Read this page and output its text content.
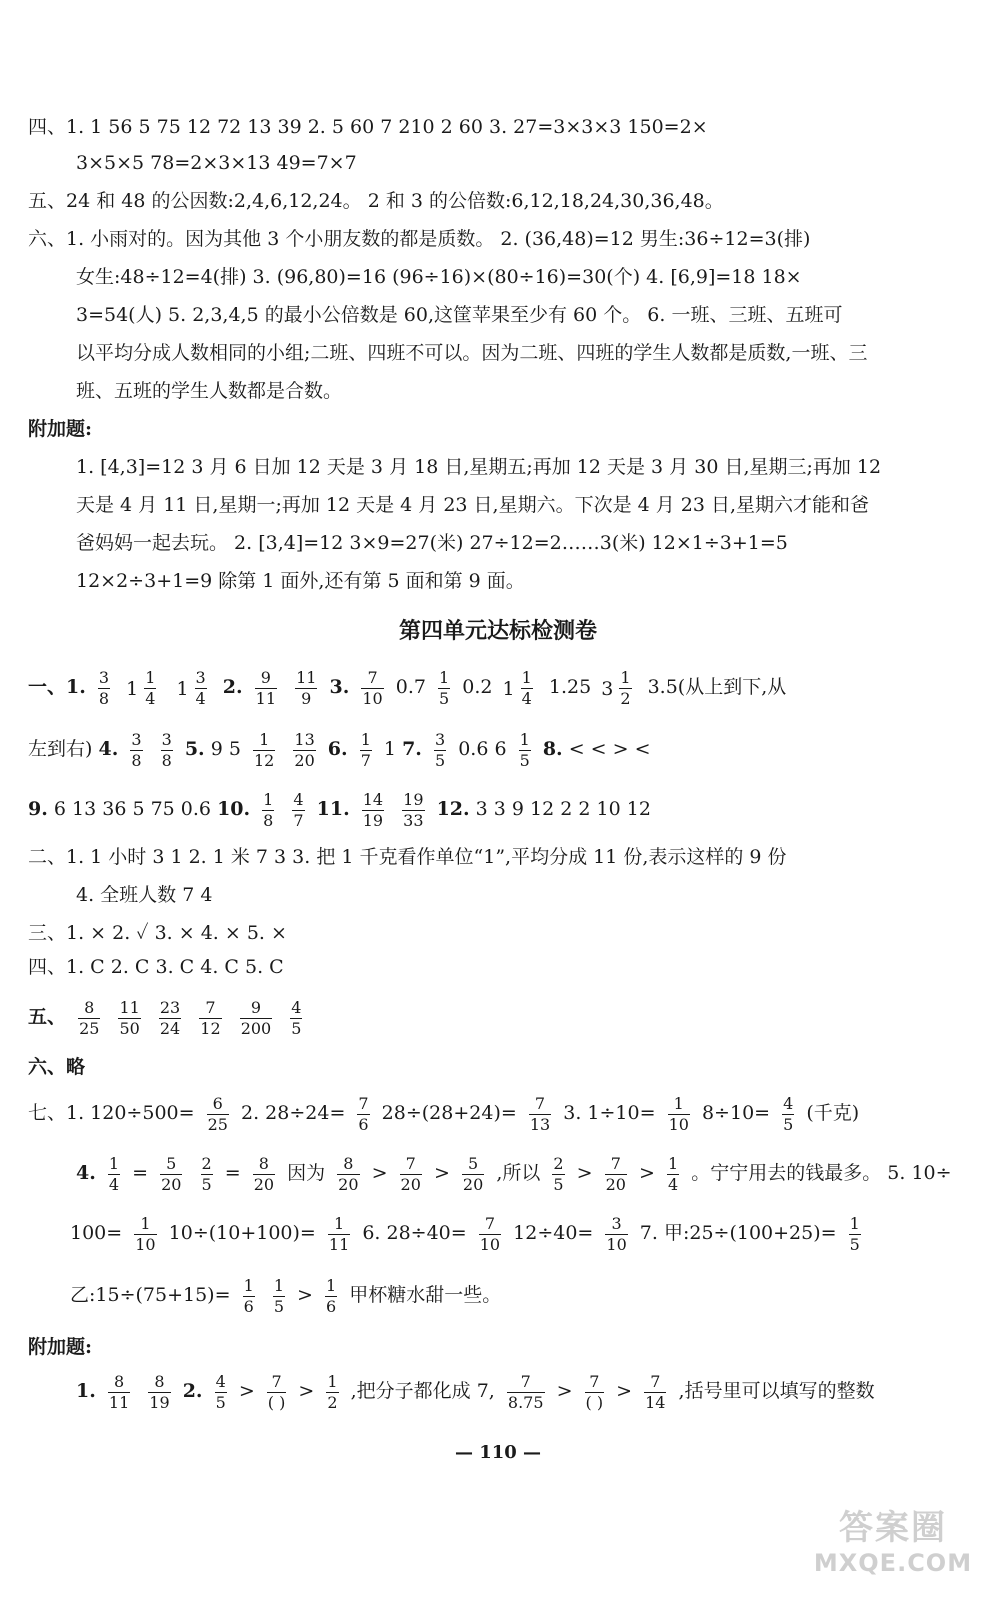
四、1. 1 56 5 75 12 72 13 39 2. 5 60 7 210 2 60 3. 27=3×3×3 150=2×
3×5×5 78=2×3×13 49=7×7
五、24 和 48 的公因数:2,4,6,12,24。 2 和 3 的公倍数:6,12,18,24,30,36,48。
六、1. 小雨对的。因为其他 3 个小朋友数的都是质数。 2. (36,48)=12 男生:36÷12=3(排)
女生:48÷12=4(排) 3. (96,80)=16 (96÷16)×(80÷16)=30(个) 4. [6,9]=18 18×
3=54(人) 5. 2,3,4,5 的最小公倍数是 60,这筐苹果至少有 60 个。 6. 一班、三班、五班可
以平均分成人数相同的小组;二班、四班不可以。因为二班、四班的学生人数都是质数,一班、三
班、五班的学生人数都是合数。
附加题:
1. [4,3]=12 3 月 6 日加 12 天是 3 月 18 日,星期五;再加 12 天是 3 月 30 日,星期三;再加 12
天是 4 月 11 日,星期一;再加 12 天是 4 月 23 日,星期六。下次是 4 月 23 日,星期六才能和爸
爸妈妈一起去玩。 2. [3,4]=12 3×9=27(米) 27÷12=2……3(米) 12×1÷3+1=5
12×2÷3+1=9 除第 1 面外,还有第 5 面和第 9 面。
第四单元达标检测卷
一、1. $\frac{3}{8} 1 \frac{1}{4} 1 \frac{3}{4} 2$. $\frac{9}{11}$
$\frac{11}{9} 3$. $\frac{7}{10} 0.7 \frac{1}{5} 0.2$ $1 \frac{1}{4} 1.25$ $3 \frac{1}{2} 3.5$(从上到下,从
左到右) 4. $\frac{3}{8}$
$\frac{3}{8} 5$. 9 $5 \frac{1}{12}$
$\frac{13}{20} 6$. $\frac{1}{7} 1$ 7. $\frac{3}{5} 0.6$ $6 \frac{1}{5} 8$. < < > <
9. 6 13 36 5 75 0.6 10. $\frac{1}{8}$
$\frac{4}{7} 11$. $\frac{14}{19}$
$\frac{19}{33} 12$. 3 3 9 12 2 2 10 12
二、1. 1 小时 3 1 2. 1 米 7 3 3. 把 1 千克看作单位“1”,平均分成 11 份,表示这样的 9 份
4. 全班人数 7 4
三、1. × 2. ✓ 3. × 4. × 5. ×
四、1. C 2. C 3. C 4. C 5. C
五、 $\frac{8}{25}$
$\frac{11}{50}$
$\frac{23}{24}$
$\frac{7}{12}$
$\frac{9}{200}$
$\frac{4}{5}$
六、略
七、1. $120\div 500= \frac{6}{25} 2$. $28\div 24= \frac{7}{6} 28\div(28+24)= \frac{7}{13} 3$. $1\div 10= \frac{1}{10} 8\div 10= \frac{4}{5}$ (千克)
4. $\frac{1}{4} = \frac{5}{20}$
$\frac{2}{5} = \frac{8}{20}$ 因为 $\frac{8}{20} > \frac{7}{20} > \frac{5}{20}$ ,所以 $\frac{2}{5} > \frac{7}{20} > \frac{1}{4}$ 。宁宁用去的钱最多。 5. 10÷
$100= \frac{1}{10} 10\div(10+100)= \frac{1}{11} 6$. $28\div 40= \frac{7}{10} 12\div 40= \frac{3}{10} 7$. 甲:25÷(100+25)= $\frac{1}{5}$
乙:15÷(75+15)= $\frac{1}{6}$
$\frac{1}{5} > \frac{1}{6}$ 甲杯糖水甜一些。
附加题:
1. $\frac{8}{11}$
$\frac{8}{19} 2$. $\frac{4}{5} > \frac{7}{( )} > \frac{1}{2}$ ,把分子都化成 7, $\frac{7}{8.75} > \frac{7}{( )} > \frac{7}{14}$ ,括号里可以填写的整数
— 110 —
答案圈
MXQE.COM
